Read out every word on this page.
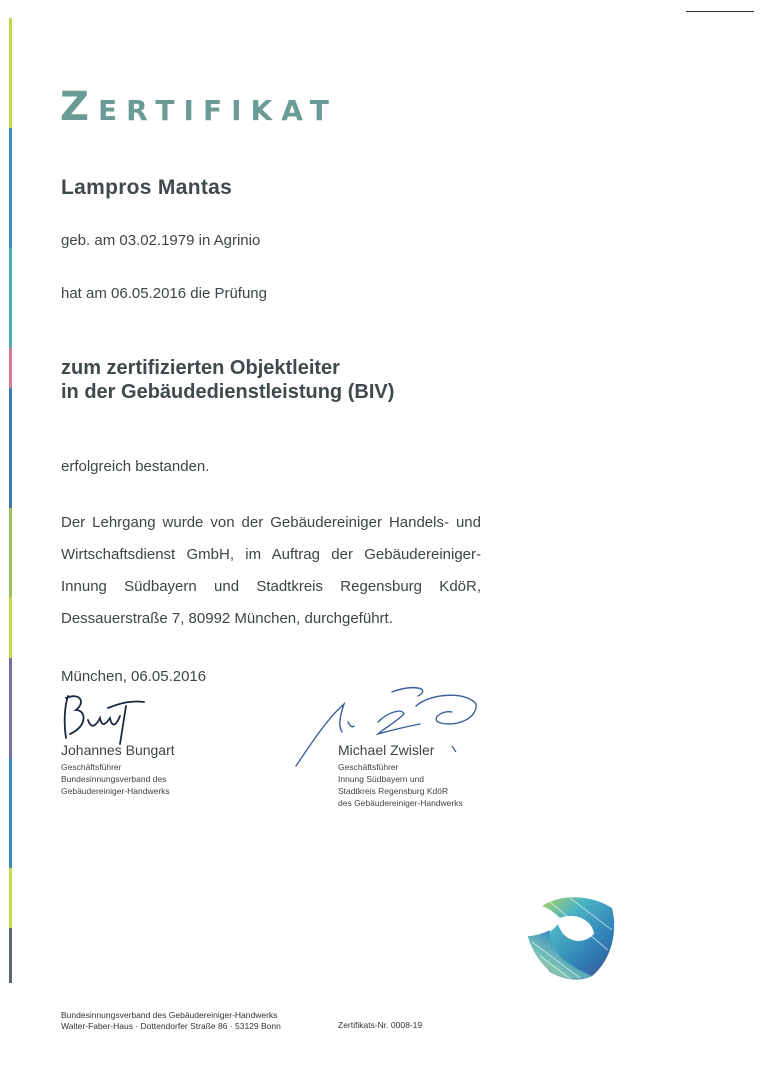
Zertifikat

Lampros Mantas

geb. am 03.02.1979 in Agrinio

hat am 06.05.2016 die Prüfung

zum zertifizierten Objektleiter
in der Gebäudedienstleistung (BIV)

erfolgreich bestanden.

Der Lehrgang wurde von der Gebäudereiniger Handels- und Wirtschaftsdienst GmbH, im Auftrag der Gebäudereiniger-Innung Südbayern und Stadtkreis Regensburg KdöR, Dessauerstraße 7, 80992 München, durchgeführt.

München, 06.05.2016

Johannes Bungart

Geschäftsführer
Bundesinnungsverband des
Gebäudereiniger-Handwerks

Michael Zwisler

Geschäftsführer
Innung Südbayern und
Stadtkreis Regensburg KdöR
des Gebäudereiniger-Handwerks

Bundesinnungsverband des Gebäudereiniger-Handwerks
Walter-Faber-Haus · Dottendorfer Straße 86 · 53129 Bonn	Zertifikats-Nr. 0008-19
